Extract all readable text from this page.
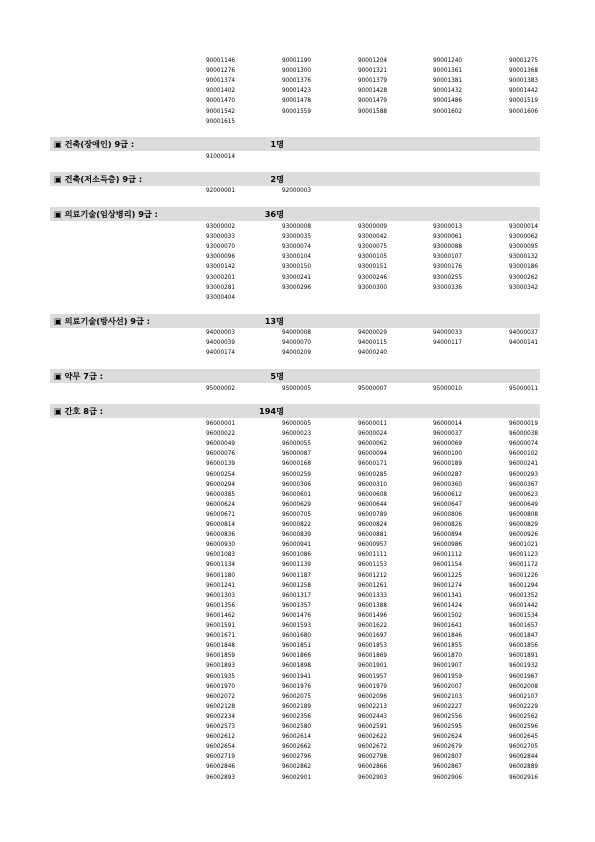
90001146	90001190	90001204	90001240	90001275
90001276	90001300	90001321	90001361	90001368
90001374	90001376	90001379	90001381	90001383
90001402	90001423	90001428	90001432	90001442
90001470	90001478	90001479	90001486	90001519
90001542	90001559	90001588	90001602	90001606
90001615
▣ 건축(장애인) 9급 :	1명
91000014
▣ 건축(저소득층) 9급 :	2명
92000001	92000003
▣ 의료기술(임상병리) 9급 :	36명
93000002	93000008	93000009	93000013	93000014
93000033	93000035	93000042	93000061	93000062
93000070	93000074	93000075	93000088	93000095
93000096	93000104	93000105	93000107	93000132
93000142	93000150	93000151	93000176	93000186
93000201	93000241	93000246	93000255	93000262
93000281	93000296	93000300	93000336	93000342
93000404
▣ 의료기술(방사선) 9급 :	13명
94000003	94000008	94000029	94000033	94000037
94000039	94000070	94000115	94000117	94000141
94000174	94000209	94000240
▣ 약무 7급 :	5명
95000002	95000005	95000007	95000010	95000011
▣ 간호 8급 :	194명
96000001	96000005	96000011	96000014	96000019
96000022	96000023	96000024	96000037	96000038
96000049	96000055	96000062	96000069	96000074
96000076	96000087	96000094	96000100	96000102
96000139	96000168	96000171	96000189	96000241
96000254	96000259	96000285	96000287	96000293
96000294	96000306	96000310	96000360	96000367
96000385	96000601	96000608	96000612	96000623
96000624	96000629	96000644	96000647	96000649
96000671	96000705	96000789	96000806	96000808
96000814	96000822	96000824	96000826	96000829
96000836	96000839	96000881	96000894	96000926
96000930	96000941	96000957	96000986	96001021
96001083	96001086	96001111	96001112	96001123
96001134	96001139	96001153	96001154	96001172
96001180	96001187	96001212	96001225	96001226
96001241	96001258	96001261	96001274	96001294
96001303	96001317	96001333	96001341	96001352
96001356	96001357	96001388	96001424	96001442
96001462	96001476	96001496	96001502	96001534
96001591	96001593	96001622	96001641	96001657
96001671	96001680	96001697	96001846	96001847
96001848	96001851	96001853	96001855	96001856
96001859	96001866	96001869	96001870	96001891
96001893	96001898	96001901	96001907	96001932
96001935	96001941	96001957	96001959	96001967
96001970	96001976	96001979	96002007	96002008
96002072	96002075	96002096	96002103	96002107
96002128	96002189	96002213	96002227	96002229
96002234	96002356	96002443	96002556	96002562
96002573	96002580	96002591	96002595	96002596
96002612	96002614	96002622	96002624	96002645
96002654	96002662	96002672	96002679	96002705
96002719	96002796	96002798	96002807	96002844
96002846	96002862	96002866	96002867	96002889
96002893	96002901	96002903	96002906	96002916
